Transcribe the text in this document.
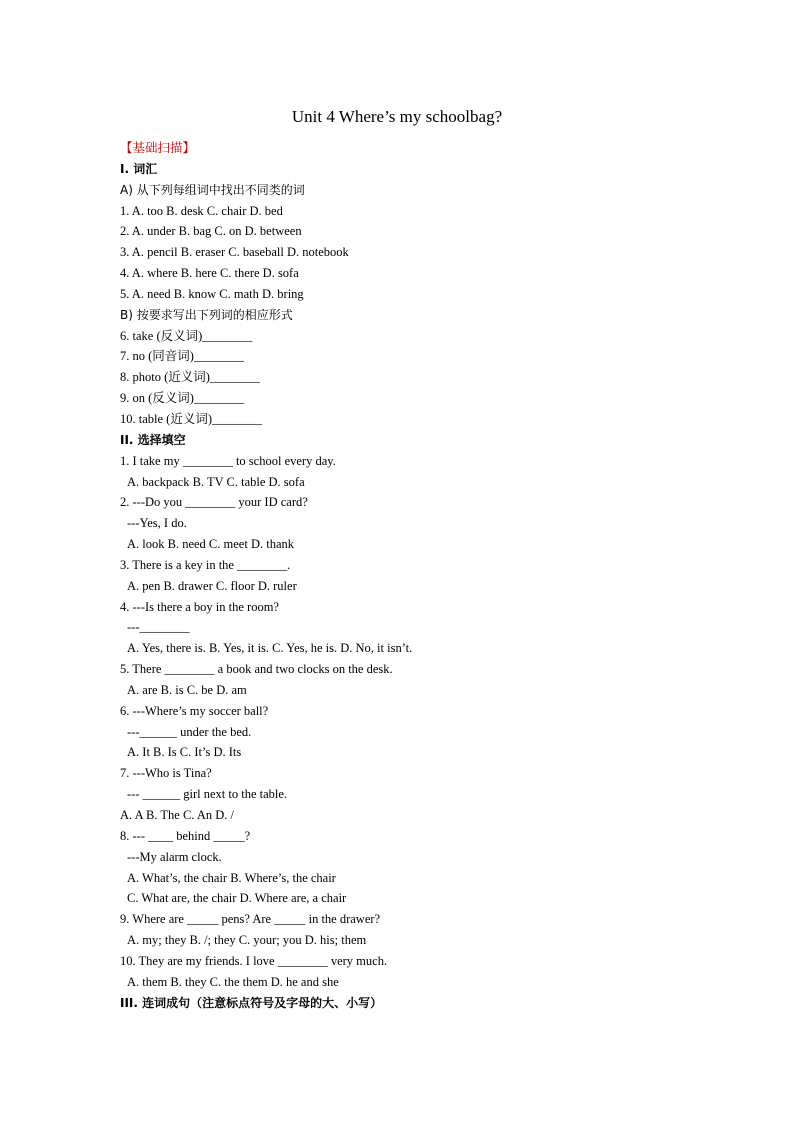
Unit 4 Where’s my schoolbag?
【基础扫描】
I. 词汇
A) 从下列每组词中找出不同类的词
1. A. too B. desk C. chair D. bed
2. A. under B. bag C. on D. between
3. A. pencil B. eraser C. baseball D. notebook
4. A. where B. here C. there D. sofa
5. A. need B. know C. math D. bring
B) 按要求写出下列词的相应形式
6. take (反义词)________
7. no (同音词)________
8. photo (近义词)________
9. on (反义词)________
10. table (近义词)________
II. 选择填空
1. I take my ________ to school every day.
A. backpack B. TV C. table D. sofa
2. ---Do you ________ your ID card?
---Yes, I do.
A. look B. need C. meet D. thank
3. There is a key in the ________.
A. pen B. drawer C. floor D. ruler
4. ---Is there a boy in the room?
---________
A. Yes, there is. B. Yes, it is. C. Yes, he is. D. No, it isn’t.
5. There ________ a book and two clocks on the desk.
A. are B. is C. be D. am
6. ---Where’s my soccer ball?
---______ under the bed.
A. It B. Is C. It’s D. Its
7. ---Who is Tina?
--- ______ girl next to the table.
A. A B. The C. An D. /
8. --- ____ behind _____?
---My alarm clock.
A. What’s, the chair B. Where’s, the chair
C. What are, the chair D. Where are, a chair
9. Where are _____ pens? Are _____ in the drawer?
A. my; they B. /; they C. your; you D. his; them
10. They are my friends. I love ________ very much.
A. them B. they C. the them D. he and she
III. 连词成句（注意标点符号及字母的大、小写）
